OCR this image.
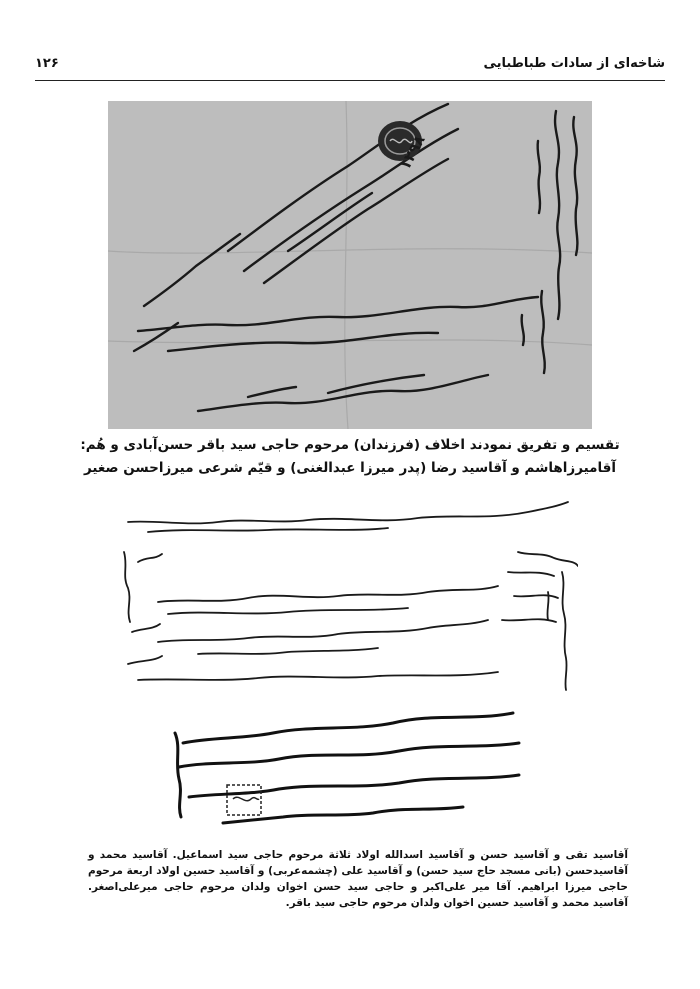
شاخه‌ای از سادات طباطبایی
۱۲۶
۱۲۹۸
تقسیم و تفریق نمودند اخلاف (فرزندان) مرحوم حاجی سید باقر حسن‌آبادی و هُم:
آقامیرزاهاشم و آقاسید رضا (پدر میرزا عبدالغنی) و قیّم شرعی میرزاحسن صغیر
آقاسید تقی و آقاسید حسن و آقاسید اسدالله اولاد ثلاثة مرحوم حاجی سید اسماعیل. آقاسید محمد و آقاسیدحسن (بانی مسجد حاج سید حسن) و آقاسید علی (چشمه‌عربی) و آقاسید حسین اولاد اربعة مرحوم حاجی میرزا ابراهیم. آقا میر علی‌اکبر و حاجی سید حسن اخوان ولدان مرحوم حاجی میرعلی‌اصغر. آقاسید محمد و آقاسید حسین اخوان ولدان مرحوم حاجی سید باقر.
